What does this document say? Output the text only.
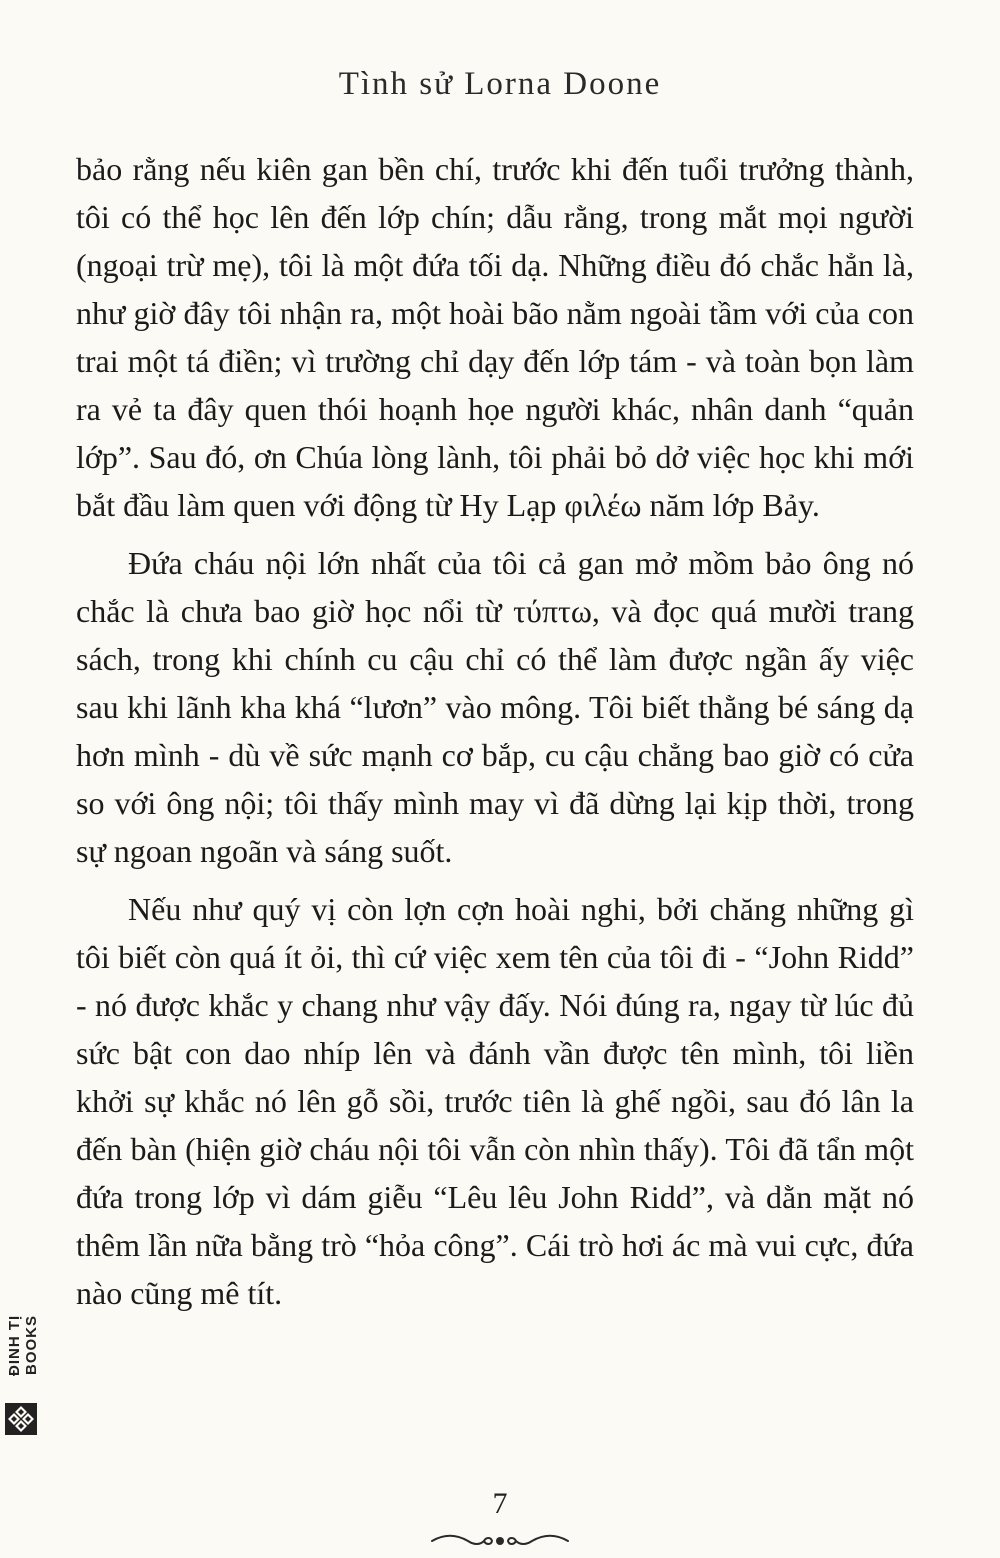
Tình sử Lorna Doone

bảo rằng nếu kiên gan bền chí, trước khi đến tuổi trưởng thành, tôi có thể học lên đến lớp chín; dẫu rằng, trong mắt mọi người (ngoại trừ mẹ), tôi là một đứa tối dạ. Những điều đó chắc hẳn là, như giờ đây tôi nhận ra, một hoài bão nằm ngoài tầm với của con trai một tá điền; vì trường chỉ dạy đến lớp tám - và toàn bọn làm ra vẻ ta đây quen thói hoạnh họe người khác, nhân danh “quản lớp”. Sau đó, ơn Chúa lòng lành, tôi phải bỏ dở việc học khi mới bắt đầu làm quen với động từ Hy Lạp φιλέω năm lớp Bảy.

Đứa cháu nội lớn nhất của tôi cả gan mở mồm bảo ông nó chắc là chưa bao giờ học nổi từ τύπτω, và đọc quá mười trang sách, trong khi chính cu cậu chỉ có thể làm được ngần ấy việc sau khi lãnh kha khá “lươn” vào mông. Tôi biết thằng bé sáng dạ hơn mình - dù về sức mạnh cơ bắp, cu cậu chẳng bao giờ có cửa so với ông nội; tôi thấy mình may vì đã dừng lại kịp thời, trong sự ngoan ngoãn và sáng suốt.

Nếu như quý vị còn lợn cợn hoài nghi, bởi chăng những gì tôi biết còn quá ít ỏi, thì cứ việc xem tên của tôi đi - “John Ridd” - nó được khắc y chang như vậy đấy. Nói đúng ra, ngay từ lúc đủ sức bật con dao nhíp lên và đánh vần được tên mình, tôi liền khởi sự khắc nó lên gỗ sồi, trước tiên là ghế ngồi, sau đó lân la đến bàn (hiện giờ cháu nội tôi vẫn còn nhìn thấy). Tôi đã tẩn một đứa trong lớp vì dám giễu “Lêu lêu John Ridd”, và dằn mặt nó thêm lần nữa bằng trò “hỏa công”. Cái trò hơi ác mà vui cực, đứa nào cũng mê tít.

ĐINH TỊ BOOKS
7
